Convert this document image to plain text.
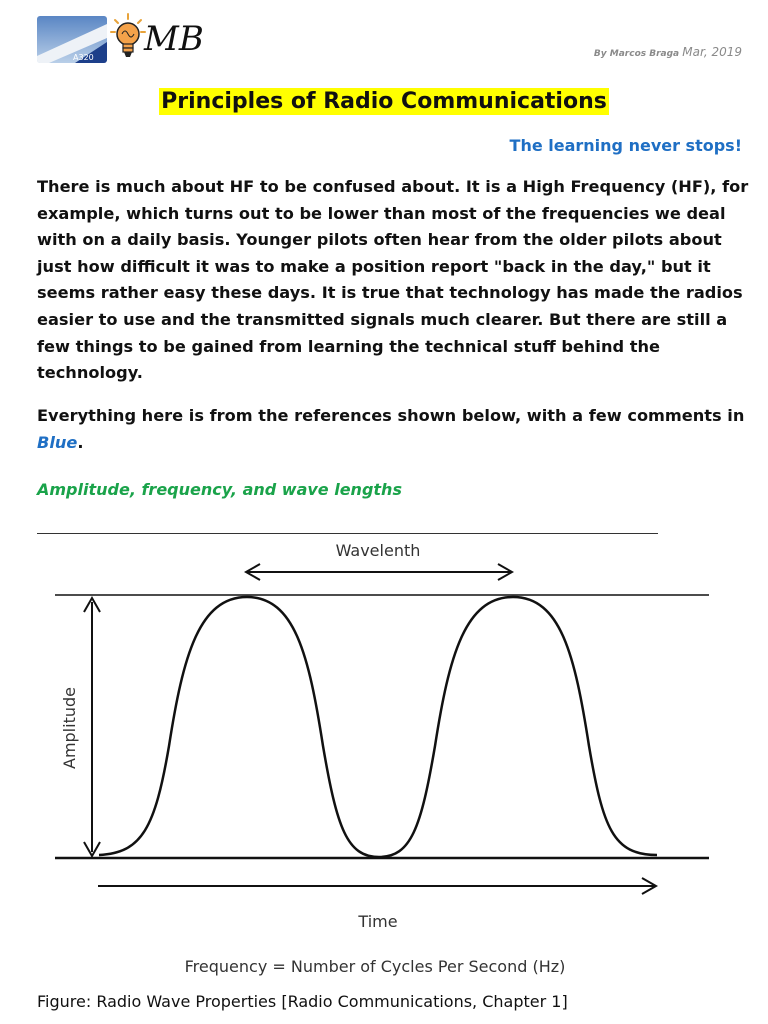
A320 MB	By Marcos Braga Mar, 2019
Principles of Radio Communications
The learning never stops!

There is much about HF to be confused about. It is a High Frequency (HF), for example, which turns out to be lower than most of the frequencies we deal with on a daily basis. Younger pilots often hear from the older pilots about just how difficult it was to make a position report "back in the day," but it seems rather easy these days. It is true that technology has made the radios easier to use and the transmitted signals much clearer. But there are still a few things to be gained from learning the technical stuff behind the technology.

Everything here is from the references shown below, with a few comments in
Blue.

Amplitude, frequency, and wave lengths
Wavelenth
Amplitude
Time
Frequency = Number of Cycles Per Second (Hz)
Figure: Radio Wave Properties [Radio Communications, Chapter 1]
